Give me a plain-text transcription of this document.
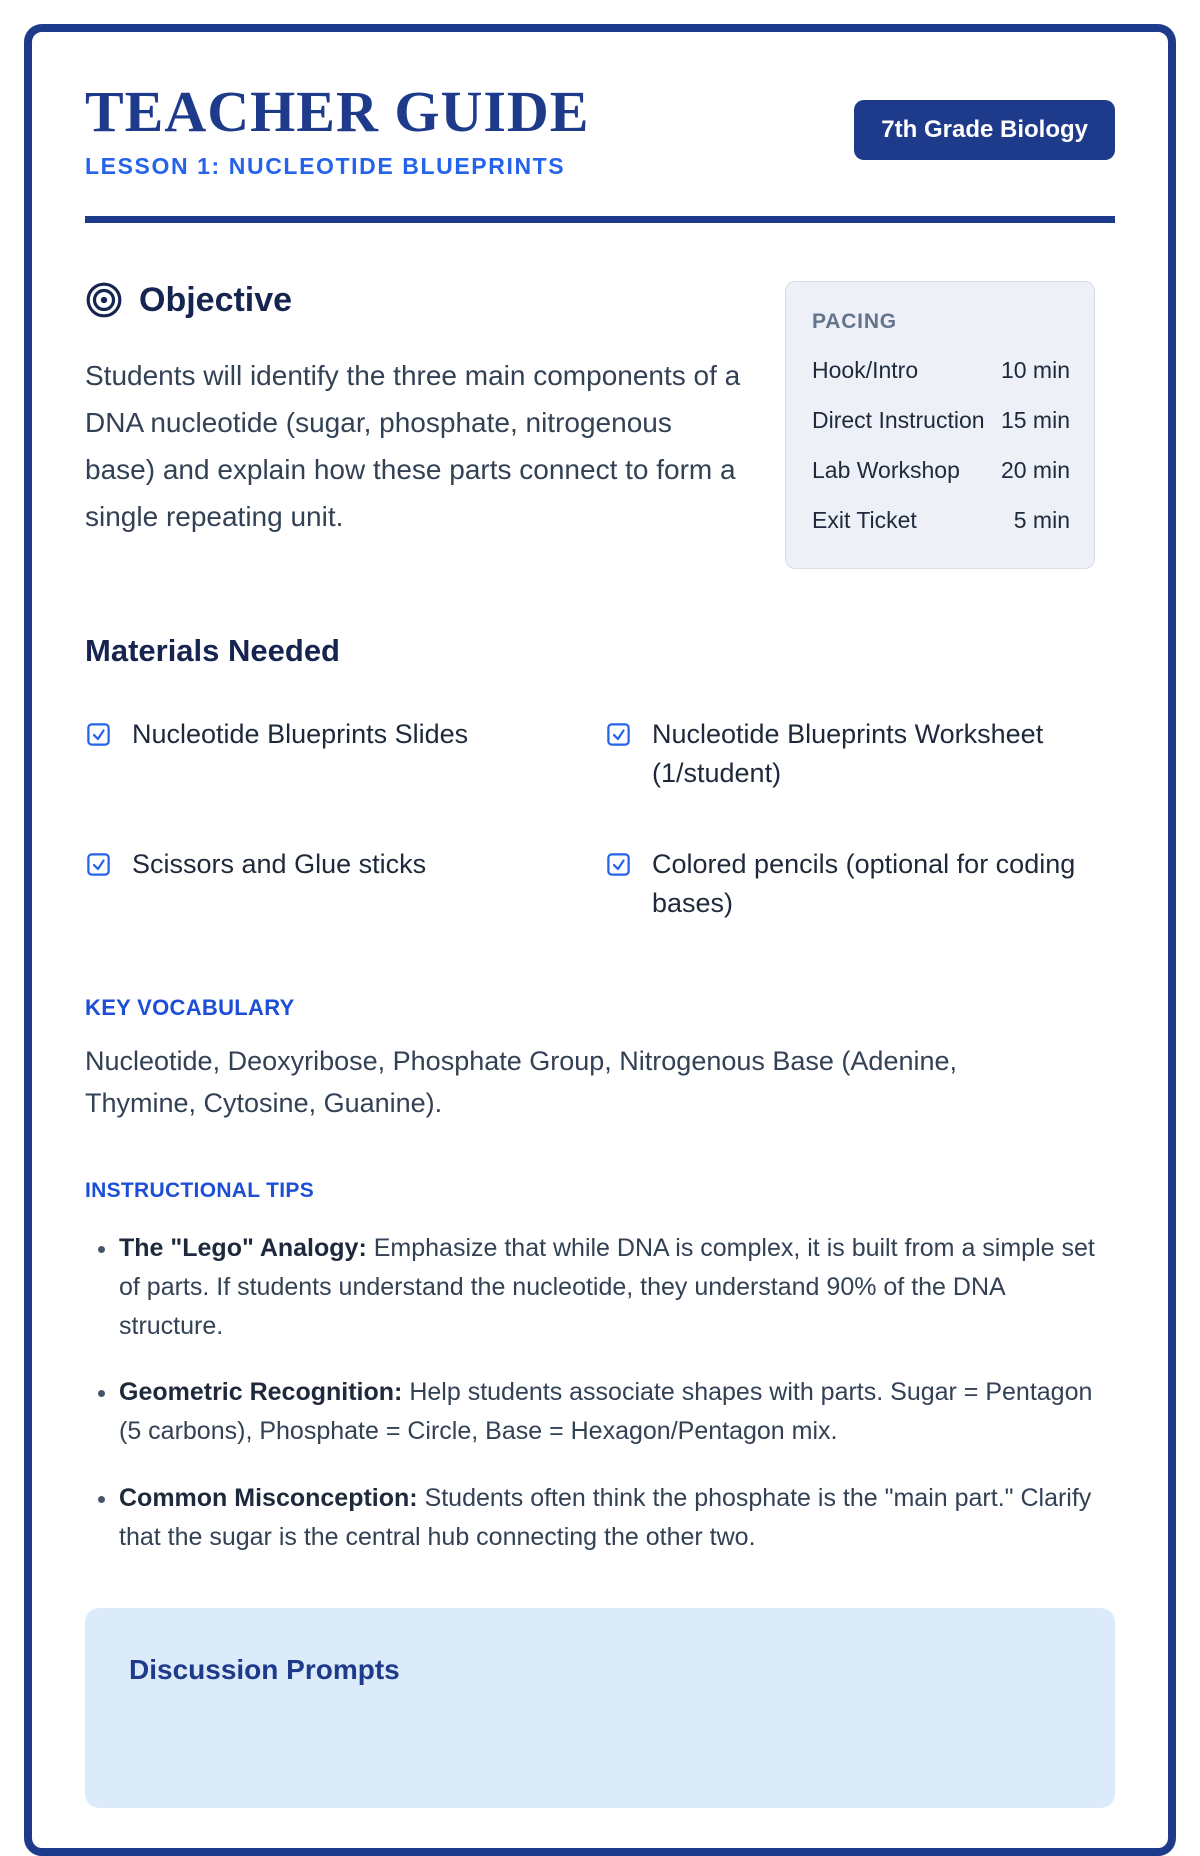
TEACHER GUIDE
LESSON 1: NUCLEOTIDE BLUEPRINTS
7th Grade Biology
Objective

Students will identify the three main components of a DNA nucleotide (sugar, phosphate, nitrogenous base) and explain how these parts connect to form a single repeating unit.

PACING
Hook/Intro	10 min
Direct Instruction 15 min
Lab Workshop 20 min
Exit Ticket	5 min
Materials Needed
Nucleotide Blueprints Slides	Nucleotide Blueprints Worksheet (1/student)
Scissors and Glue sticks	Colored pencils (optional for coding bases)
KEY VOCABULARY

Nucleotide, Deoxyribose, Phosphate Group, Nitrogenous Base (Adenine, Thymine, Cytosine, Guanine).

INSTRUCTIONAL TIPS
• The "Lego" Analogy: Emphasize that while DNA is complex, it is built from a simple set of parts. If students understand the nucleotide, they understand 90% of the DNA structure.
• Geometric Recognition: Help students associate shapes with parts. Sugar = Pentagon (5 carbons), Phosphate = Circle, Base = Hexagon/Pentagon mix.
• Common Misconception: Students often think the phosphate is the "main part." Clarify that the sugar is the central hub connecting the other two.
Discussion Prompts
